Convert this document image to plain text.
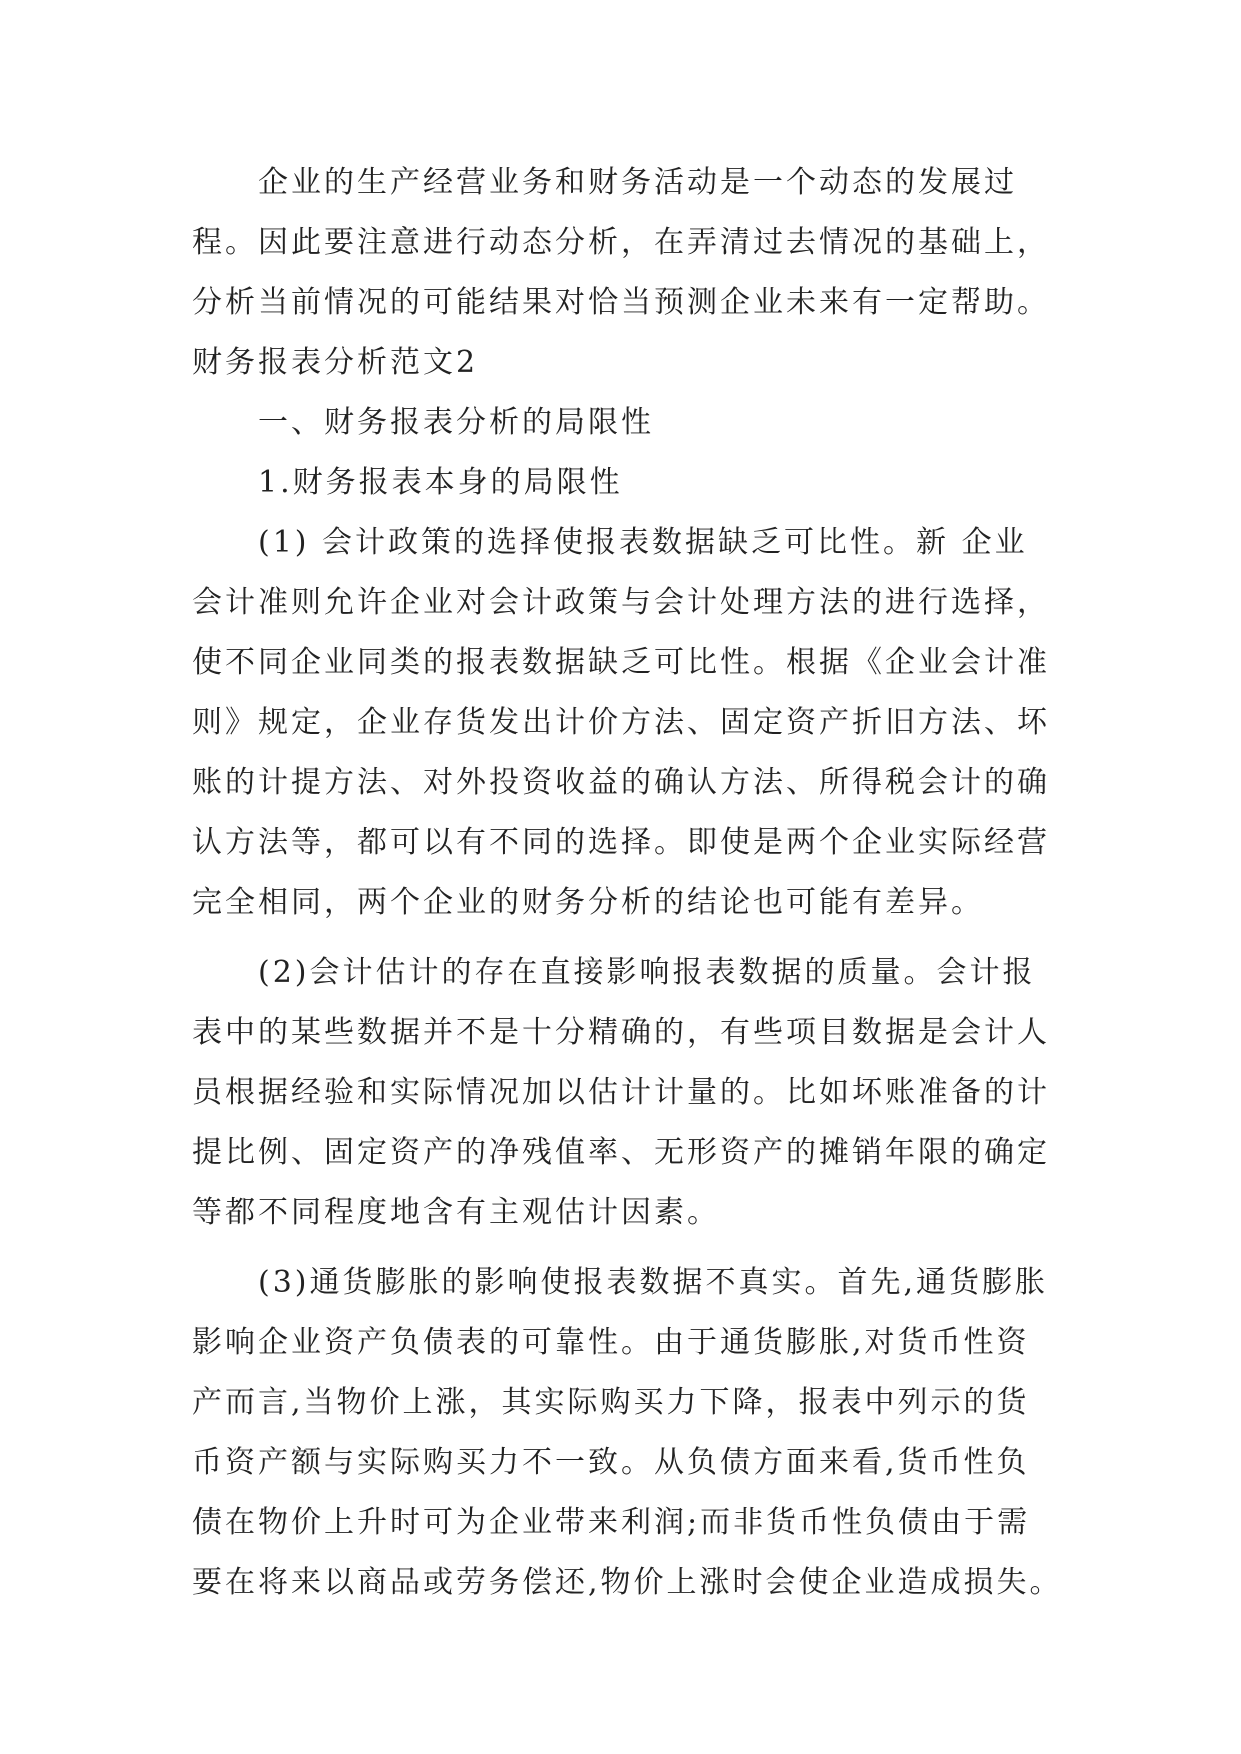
企业的生产经营业务和财务活动是一个动态的发展过
程。因此要注意进行动态分析，在弄清过去情况的基础上，
分析当前情况的可能结果对恰当预测企业未来有一定帮助。
财务报表分析范文2
一、财务报表分析的局限性
1.财务报表本身的局限性
(1) 会计政策的选择使报表数据缺乏可比性。新 企业
会计准则允许企业对会计政策与会计处理方法的进行选择，
使不同企业同类的报表数据缺乏可比性。根据《企业会计准
则》规定，企业存货发出计价方法、固定资产折旧方法、坏
账的计提方法、对外投资收益的确认方法、所得税会计的确
认方法等，都可以有不同的选择。即使是两个企业实际经营
完全相同，两个企业的财务分析的结论也可能有差异。
(2)会计估计的存在直接影响报表数据的质量。会计报
表中的某些数据并不是十分精确的，有些项目数据是会计人
员根据经验和实际情况加以估计计量的。比如坏账准备的计
提比例、固定资产的净残值率、无形资产的摊销年限的确定
等都不同程度地含有主观估计因素。
(3)通货膨胀的影响使报表数据不真实。首先,通货膨胀
影响企业资产负债表的可靠性。由于通货膨胀,对货币性资
产而言,当物价上涨，其实际购买力下降，报表中列示的货
币资产额与实际购买力不一致。从负债方面来看,货币性负
债在物价上升时可为企业带来利润;而非货币性负债由于需
要在将来以商品或劳务偿还,物价上涨时会使企业造成损失。
